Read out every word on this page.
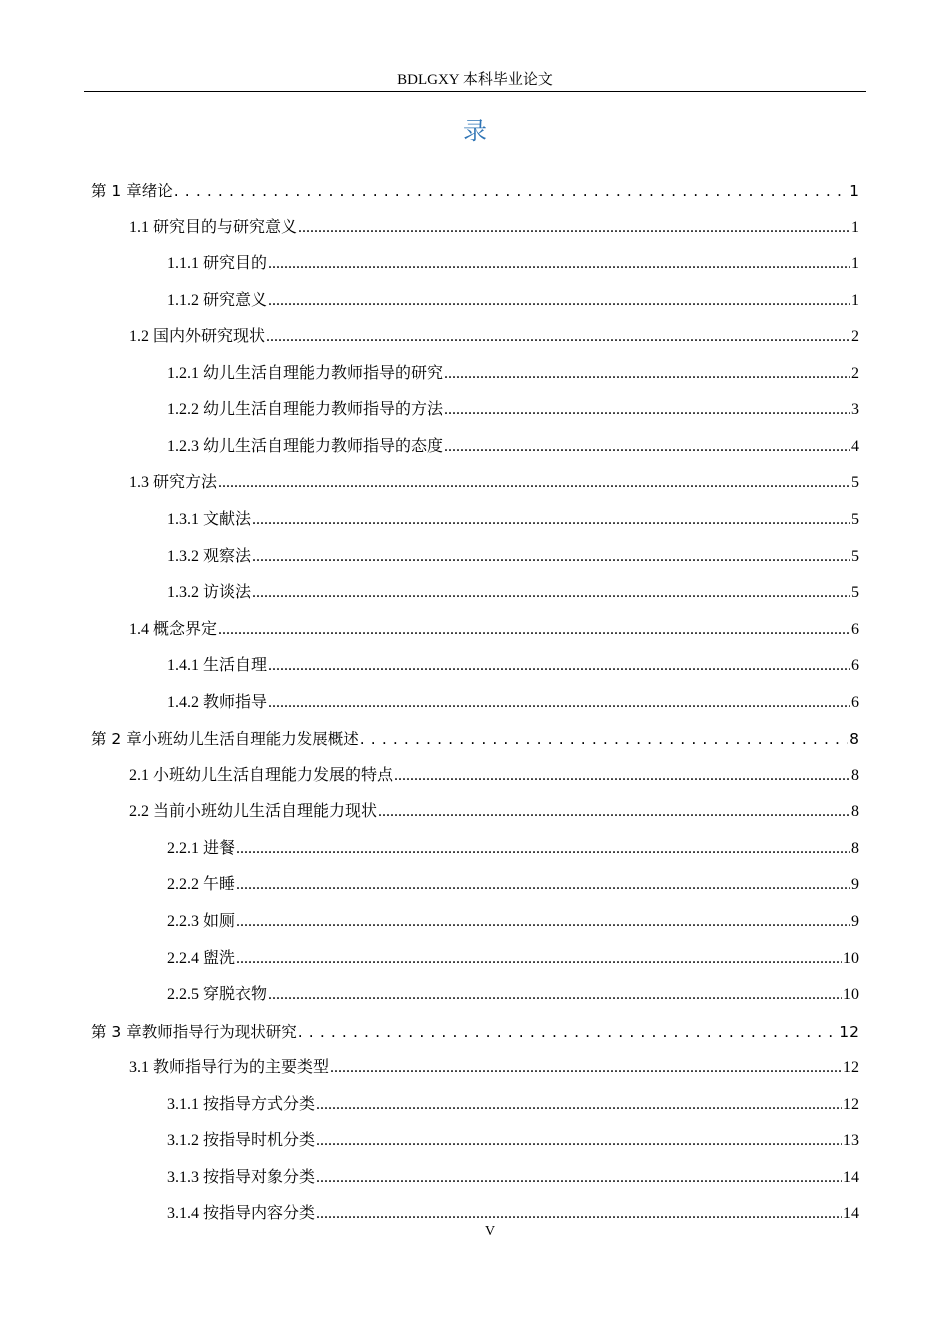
BDLGXY 本科毕业论文
录
第 1 章绪论 . . .	1
1.1 研究目的与研究意义 .....	1
1.1.1 研究目的 .....	1
1.1.2 研究意义 .....	1
1.2 国内外研究现状 .....	2
1.2.1 幼儿生活自理能力教师指导的研究 .....	2
1.2.2 幼儿生活自理能力教师指导的方法 .....	3
1.2.3 幼儿生活自理能力教师指导的态度 .....	4
1.3 研究方法 .....	5
1.3.1 文献法 .....	5
1.3.2 观察法 .....	5
1.3.2 访谈法 .....	5
1.4 概念界定 .....	6
1.4.1 生活自理 .....	6
1.4.2 教师指导 .....	6
第 2 章小班幼儿生活自理能力发展概述 . . .	8
2.1 小班幼儿生活自理能力发展的特点 .....	8
2.2 当前小班幼儿生活自理能力现状 .....	8
2.2.1 进餐 .....	8
2.2.2 午睡 .....	9
2.2.3 如厕 .....	9
2.2.4 盥洗 .....	10
2.2.5 穿脱衣物 .....	10
第 3 章教师指导行为现状研究 . . .	12
3.1 教师指导行为的主要类型 .....	12
3.1.1 按指导方式分类 .....	12
3.1.2 按指导时机分类 .....	13
3.1.3 按指导对象分类 .....	14
3.1.4 按指导内容分类 .....	14
V
